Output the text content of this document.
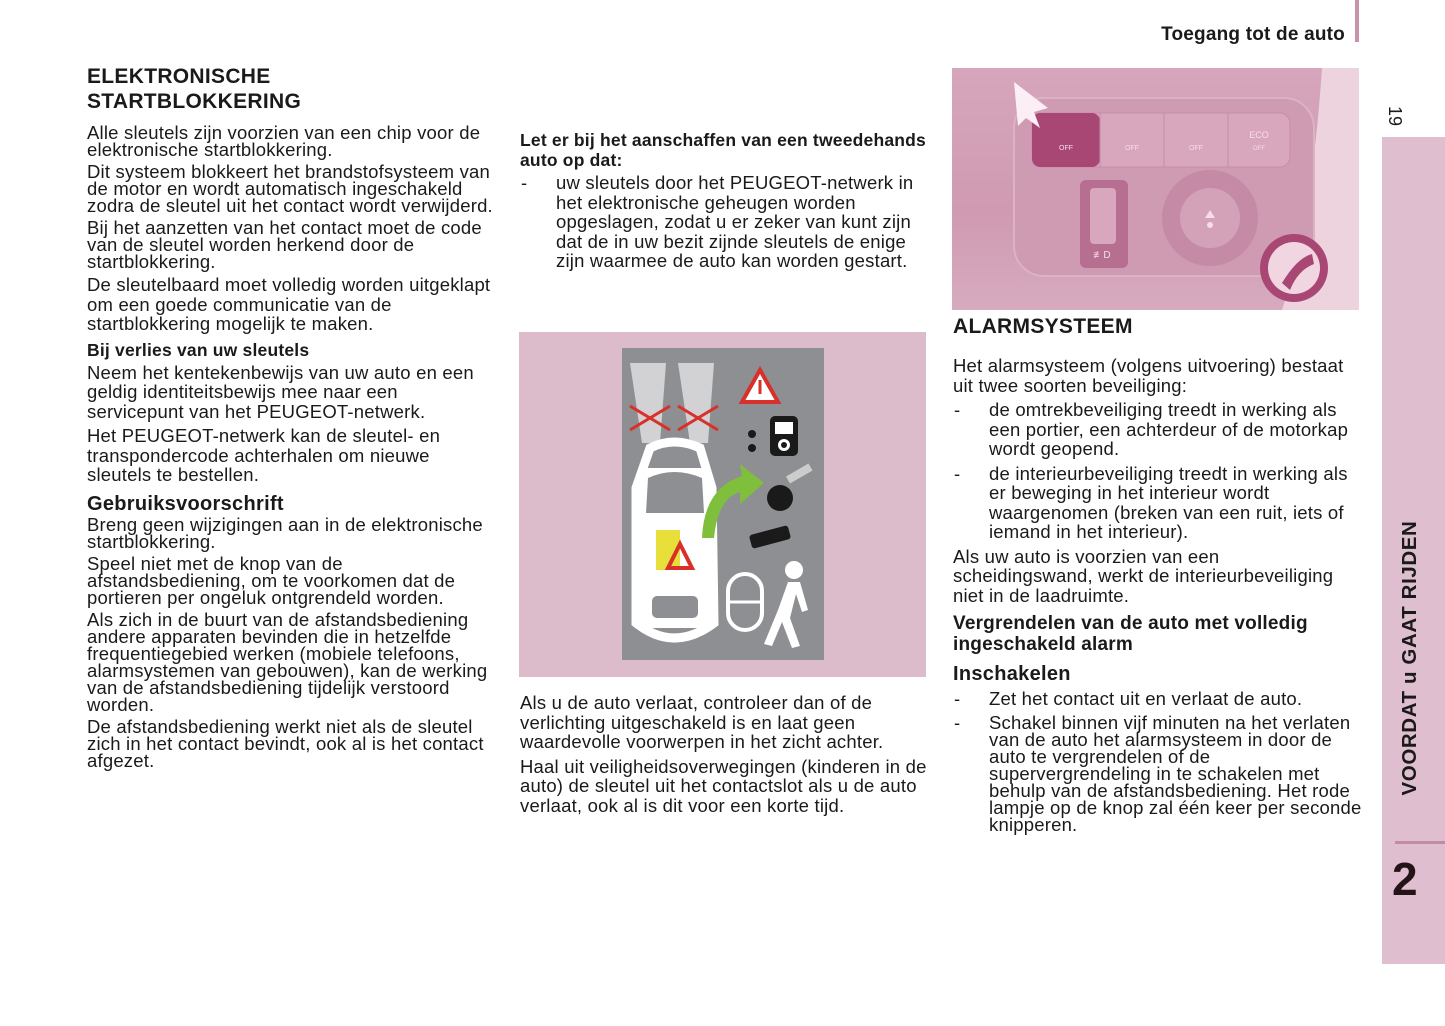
Toegang tot de auto
19
VOORDAT u GAAT RIJDEN
2
ELEKTRONISCHE
STARTBLOKKERING

Alle sleutels zijn voorzien van een chip voor de elektronische startblokkering.

Dit systeem blokkeert het brandstofsysteem van de motor en wordt automatisch ingeschakeld zodra de sleutel uit het contact wordt verwijderd.

Bij het aanzetten van het contact moet de code van de sleutel worden herkend door de startblokkering.

De sleutelbaard moet volledig worden uitgeklapt om een goede communicatie van de startblokkering mogelijk te maken.

Bij verlies van uw sleutels

Neem het kentekenbewijs van uw auto en een geldig identiteitsbewijs mee naar een servicepunt van het PEUGEOT-netwerk.

Het PEUGEOT-netwerk kan de sleutel- en transpondercode achterhalen om nieuwe sleutels te bestellen.

Gebruiksvoorschrift

Breng geen wijzigingen aan in de elektronische startblokkering.

Speel niet met de knop van de afstandsbediening, om te voorkomen dat de portieren per ongeluk ontgrendeld worden.

Als zich in de buurt van de afstandsbediening andere apparaten bevinden die in hetzelfde frequentiegebied werken (mobiele telefoons, alarmsystemen van gebouwen), kan de werking van de afstandsbediening tijdelijk verstoord worden.

De afstandsbediening werkt niet als de sleutel zich in het contact bevindt, ook al is het contact afgezet.

Let er bij het aanschaffen van een tweedehands auto op dat:
- uw sleutels door het PEUGEOT-netwerk in het elektronische geheugen worden opgeslagen, zodat u er zeker van kunt zijn dat de in uw bezit zijnde sleutels de enige zijn waarmee de auto kan worden gestart.

Als u de auto verlaat, controleer dan of de verlichting uitgeschakeld is en laat geen waardevolle voorwerpen in het zicht achter.

Haal uit veiligheidsoverwegingen (kinderen in de auto) de sleutel uit het contactslot als u de auto verlaat, ook al is dit voor een korte tijd.

OFF	OFF	OFF
ECO
OFF
≢D
ALARMSYSTEEM

Het alarmsysteem (volgens uitvoering) bestaat uit twee soorten beveiliging:

- de omtrekbeveiliging treedt in werking als een portier, een achterdeur of de motorkap wordt geopend.
- de interieurbeveiliging treedt in werking als er beweging in het interieur wordt waargenomen (breken van een ruit, iets of iemand in het interieur).

Als uw auto is voorzien van een scheidingswand, werkt de interieurbeveiliging niet in de laadruimte.

Vergrendelen van de auto met volledig ingeschakeld alarm
Inschakelen
- Zet het contact uit en verlaat de auto.
- Schakel binnen vijf minuten na het verlaten van de auto het alarmsysteem in door de auto te vergrendelen of de supervergrendeling in te schakelen met behulp van de afstandsbediening. Het rode lampje op de knop zal één keer per seconde knipperen.
